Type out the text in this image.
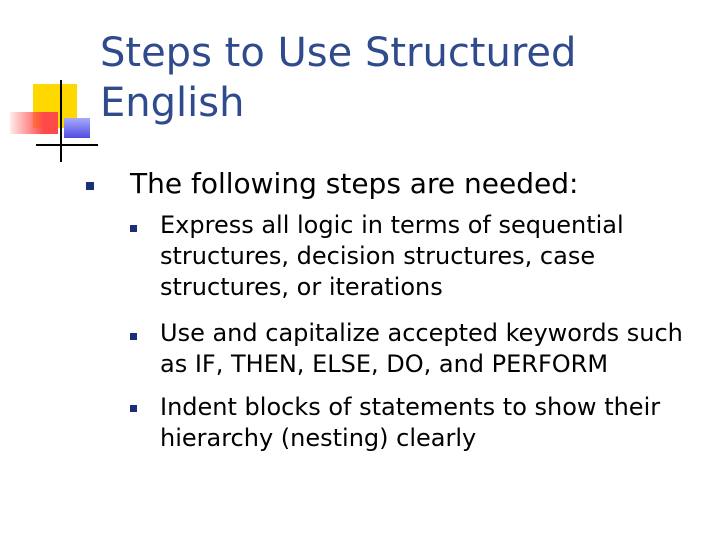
Steps to Use Structured
English
The following steps are needed:
Express all logic in terms of sequential
structures, decision structures, case
structures, or iterations
Use and capitalize accepted keywords such
as IF, THEN, ELSE, DO, and PERFORM
Indent blocks of statements to show their
hierarchy (nesting) clearly
